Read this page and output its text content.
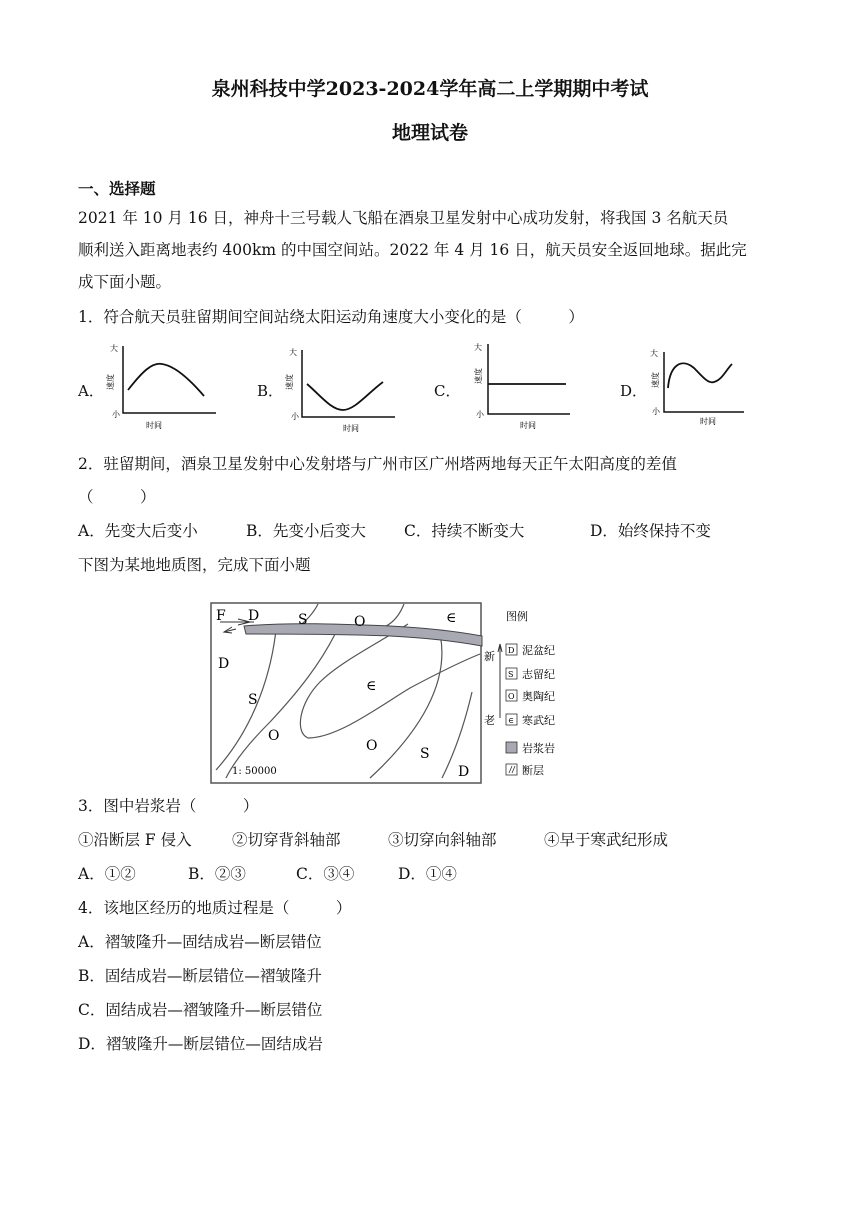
泉州科技中学2023-2024学年高二上学期期中考试
地理试卷
一、选择题
2021 年 10 月 16 日，神舟十三号载人飞船在酒泉卫星发射中心成功发射，将我国 3 名航天员
顺利送入距离地表约 400km 的中国空间站。2022 年 4 月 16 日，航天员安全返回地球。据此完
成下面小题。
1．符合航天员驻留期间空间站绕太阳运动角速度大小变化的是（　　　）
A．
大
小
速度
时间
B．
大
小
速度
时间
C．
大
小
速度
时间
D．
大
小
速度
时间
2．驻留期间，酒泉卫星发射中心发射塔与广州市区广州塔两地每天正午太阳高度的差值
（　　　）
A．先变大后变小	B．先变小后变大 C．持续不断变大	D．始终保持不变
下图为某地地质图，完成下面小题
F D	S	O	∈
D
S
∈
O
O	S
D
1: 50000
图例
新
老
D 泥盆纪
S 志留纪
O 奥陶纪
∈ 寒武纪
岩浆岩
断层
3．图中岩浆岩（　　　）
①沿断层 F 侵入	②切穿背斜轴部	③切穿向斜轴部	④早于寒武纪形成
A．①②	B．②③	C．③④	D．①④
4．该地区经历的地质过程是（　　　）
A．褶皱隆升—固结成岩—断层错位
B．固结成岩—断层错位—褶皱隆升
C．固结成岩—褶皱隆升—断层错位
D．褶皱隆升—断层错位—固结成岩
